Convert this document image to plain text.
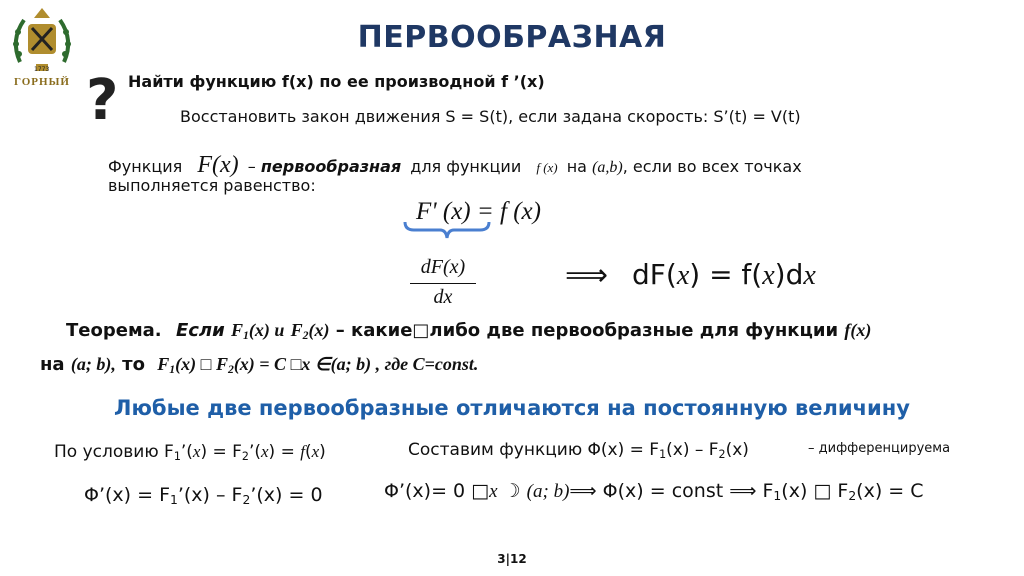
ГОРНЫЙ
1773
ПЕРВООБРАЗНАЯ
? Найти функцию f(x) по ее производной f ’(x)
Восстановить закон движения S = S(t), если задана скорость: S’(t) = V(t)
Функция F(x) – первообразная для функции f (x) на (a,b), если во всех точках
выполняется равенство:
F' (x) = f (x)
dF(x)
dx
⟹ dF(x) = f(x)dx
Теорема. Если $F_1(x)$ и $F_2(x)$ – какие□либо две первообразные для функции f(x)
на (a; b), то $F_1(x)$ □ $F_2(x) = C$ □x ∈(a; b) , где C=const.
Любые две первообразные отличаются на постоянную величину
По условию $F_1’(x)$ = $F_2’(x) = f(x)$	Составим функцию $\Phi(x) = F_1(x) - F_2(x)$	– дифференцируема
Φ’(x) = $F_1’(x)$ – $F_2’(x) = 0$	Φ’(x)= 0 □x ☽ (a; b)⟹ Φ(x) = const ⟹ $F_1(x)$ □ $F_2(x) = C$
3|12
